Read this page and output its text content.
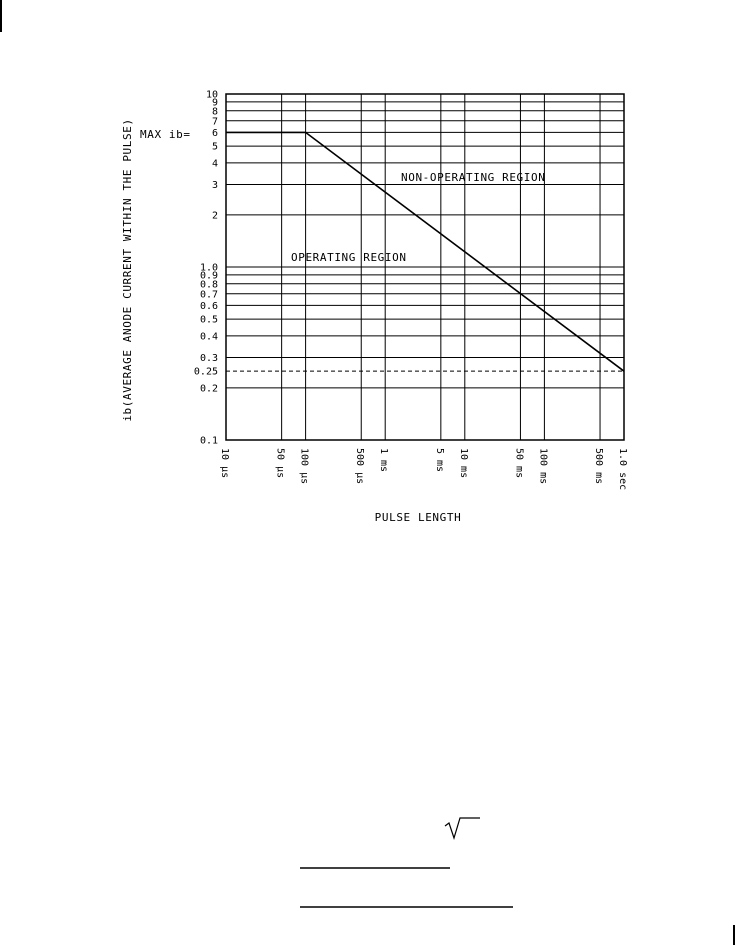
10
9
8
7
6
5
4
3
2
1.0
0.9
0.8
0.7
0.6
0.5
0.4
0.3
0.25
0.2
0.1
10 µs	50 µs 100 µs	500 µs 1 ms	5 ms 10 ms	50 ms 100 ms	500 ms 1.0 sec
MAX ib=
NON-OPERATING REGION
OPERATING REGION
PULSE LENGTH
ib(AVERAGE ANODE CURRENT WITHIN THE PULSE)
